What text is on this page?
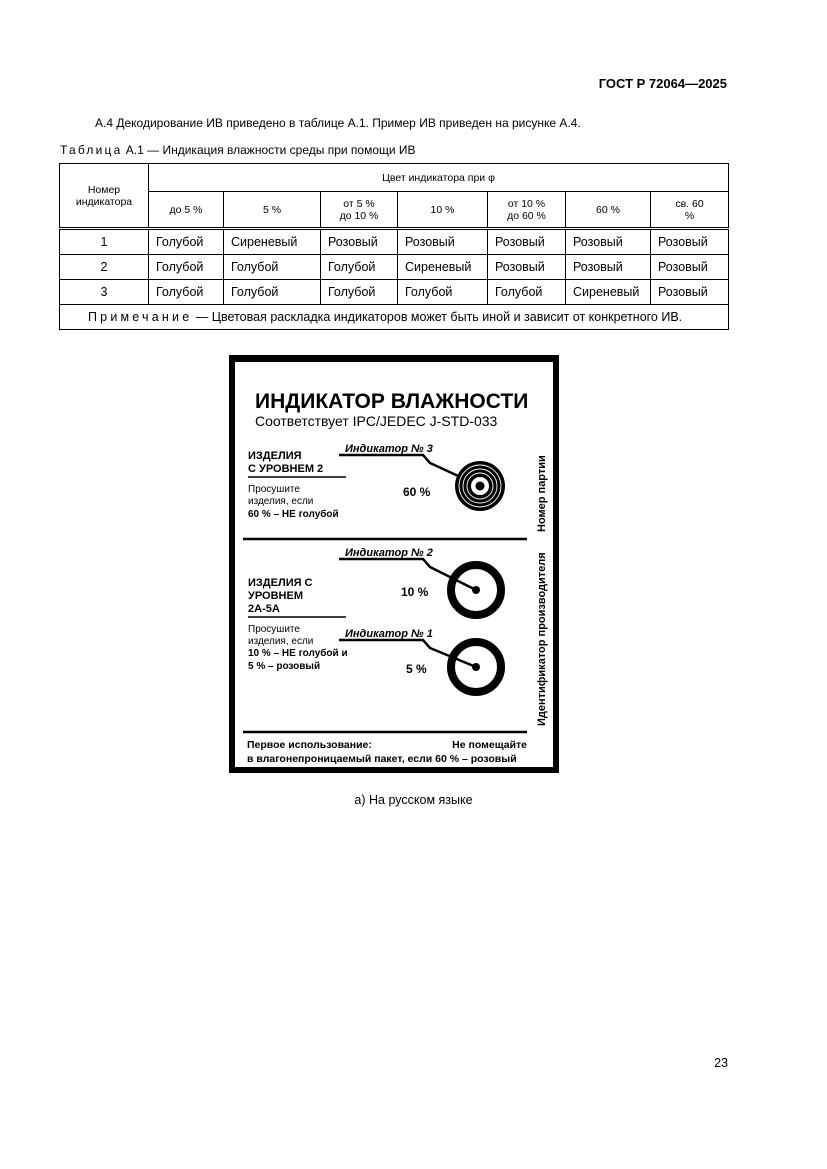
ГОСТ Р 72064—2025
А.4 Декодирование ИВ приведено в таблице А.1. Пример ИВ приведен на рисунке А.4.
Таблица А.1 — Индикация влажности среды при помощи ИВ
Номер индикатора	Цвет индикатора при φ						
	до 5 %	5 %	от 5 % до 10 %	10 %	от 10 % до 60 %	60 %	св. 60 %
1	Голубой	Сиреневый	Розовый	Розовый	Розовый	Розовый	Розовый
2	Голубой	Голубой	Голубой	Сиреневый	Розовый	Розовый	Розовый
3	Голубой	Голубой	Голубой	Голубой	Голубой	Сиреневый	Розовый
Примечание — Цветовая раскладка индикаторов может быть иной и зависит от конкретного ИВ.							
ИНДИКАТОР ВЛАЖНОСТИ
Соответствует IPC/JEDEC J-STD-033
ИЗДЕЛИЯ
С УРОВНЕМ 2
Просушите
изделия, если
60 % – НЕ голубой
Индикатор № 3
60 %
Индикатор № 2
10 %
ИЗДЕЛИЯ С
УРОВНЕМ
2А-5А
Просушите
изделия, если
10 % – НЕ голубой и
5 % – розовый
Индикатор № 1
5 %
Номер партии
Идентификатор производителя
Первое использование:	Не помещайте
в влагонепроницаемый пакет, если 60 % – розовый
а) На русском языке
23
